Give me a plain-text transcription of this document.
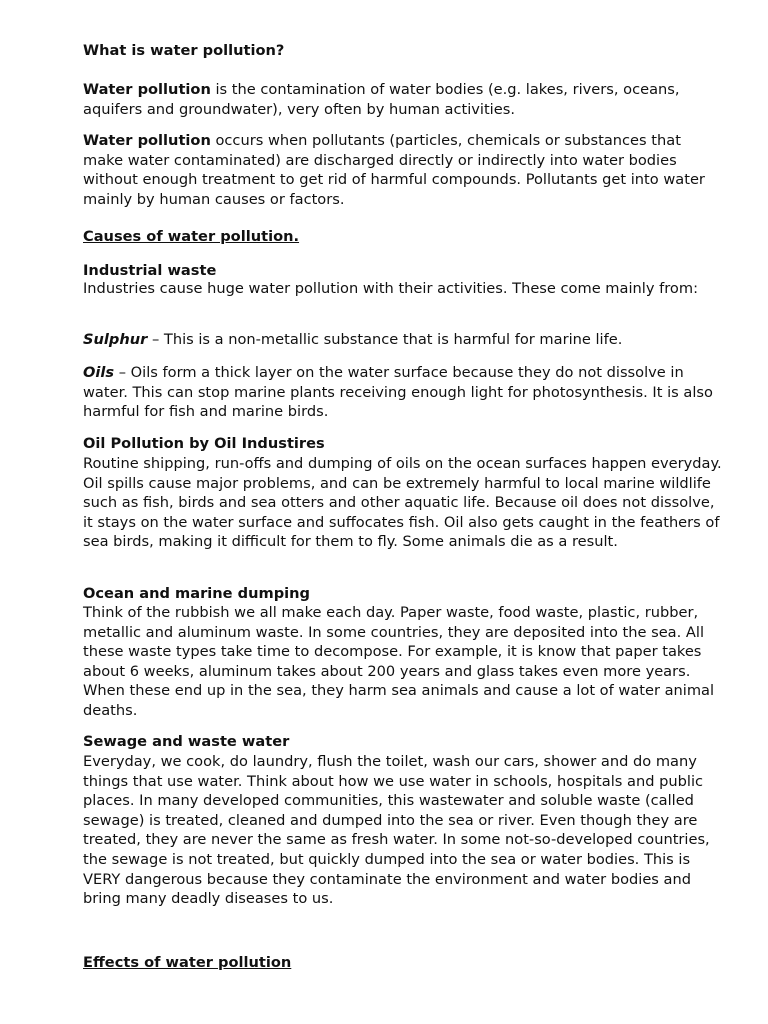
What is water pollution?

Water pollution is the contamination of water bodies (e.g. lakes, rivers, oceans, aquifers and groundwater), very often by human activities.

Water pollution occurs when pollutants (particles, chemicals or substances that make water contaminated) are discharged directly or indirectly into water bodies without enough treatment to get rid of harmful compounds. Pollutants get into water mainly by human causes or factors.

Causes of water pollution.

Industrial waste

Industries cause huge water pollution with their activities. These come mainly from:

Sulphur – This is a non-metallic substance that is harmful for marine life.

Oils – Oils form a thick layer on the water surface because they do not dissolve in water. This can stop marine plants receiving enough light for photosynthesis. It is also harmful for fish and marine birds.

Oil Pollution by Oil Industires

Routine shipping, run-offs and dumping of oils on the ocean surfaces happen everyday. Oil spills cause major problems, and can be extremely harmful to local marine wildlife such as fish, birds and sea otters and other aquatic life. Because oil does not dissolve, it stays on the water surface and suffocates fish. Oil also gets caught in the feathers of sea birds, making it difficult for them to fly. Some animals die as a result.

Ocean and marine dumping

Think of the rubbish we all make each day. Paper waste, food waste, plastic, rubber, metallic and aluminum waste. In some countries, they are deposited into the sea. All these waste types take time to decompose. For example, it is know that paper takes about 6 weeks, aluminum takes about 200 years and glass takes even more years. When these end up in the sea, they harm sea animals and cause a lot of water animal deaths.

Sewage and waste water

Everyday, we cook, do laundry, flush the toilet, wash our cars, shower and do many things that use water. Think about how we use water in schools, hospitals and public places. In many developed communities, this wastewater and soluble waste (called sewage) is treated, cleaned and dumped into the sea or river. Even though they are treated, they are never the same as fresh water. In some not-so-developed countries, the sewage is not treated, but quickly dumped into the sea or water bodies. This is VERY dangerous because they contaminate the environment and water bodies and bring many deadly diseases to us.

Effects of water pollution
